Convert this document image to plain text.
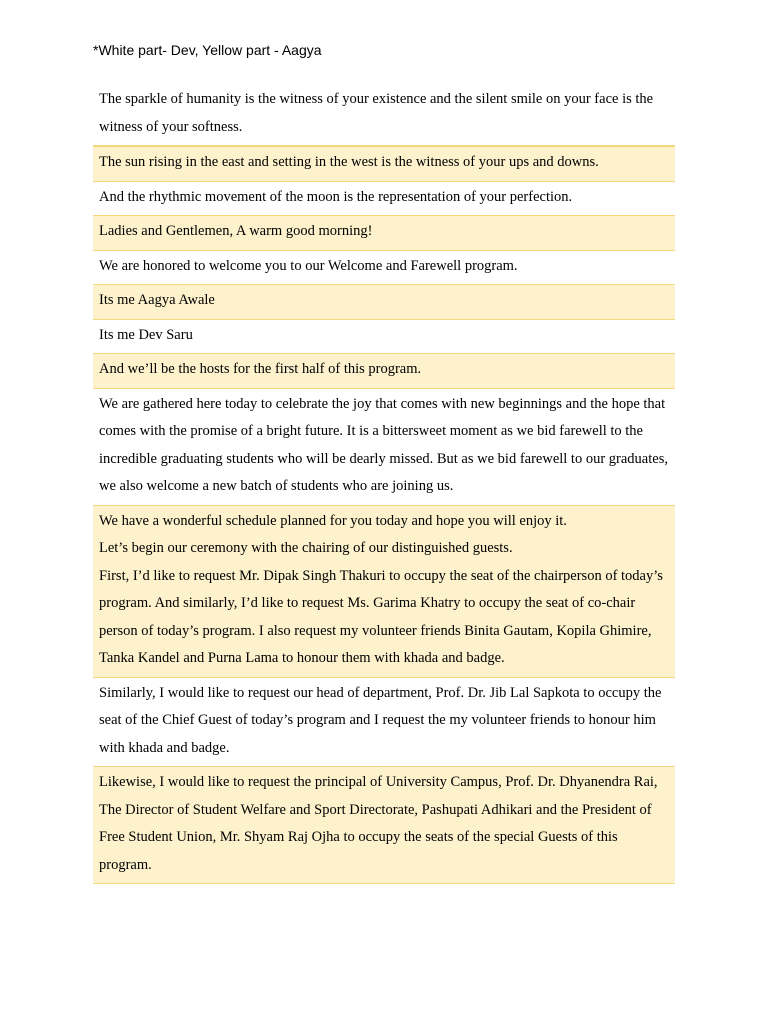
*White part- Dev, Yellow part - Aagya

The sparkle of humanity is the witness of your existence and the silent smile on your face is the witness of your softness.

The sun rising in the east and setting in the west is the witness of your ups and downs.

And the rhythmic movement of the moon is the representation of your perfection.

Ladies and Gentlemen, A warm good morning!

We are honored to welcome you to our Welcome and Farewell program.

Its me Aagya Awale

Its me Dev Saru

And we’ll be the hosts for the first half of this program.

We are gathered here today to celebrate the joy that comes with new beginnings and the hope that comes with the promise of a bright future. It is a bittersweet moment as we bid farewell to the incredible graduating students who will be dearly missed. But as we bid farewell to our graduates, we also welcome a new batch of students who are joining us.

We have a wonderful schedule planned for you today and hope you will enjoy it.

Let’s begin our ceremony with the chairing of our distinguished guests.

First, I’d like to request Mr. Dipak Singh Thakuri to occupy the seat of the chairperson of today’s program. And similarly, I’d like to request Ms. Garima Khatry to occupy the seat of co-chair person of today’s program. I also request my volunteer friends Binita Gautam, Kopila Ghimire, Tanka Kandel and Purna Lama to honour them with khada and badge.

Similarly, I would like to request our head of department, Prof. Dr. Jib Lal Sapkota to occupy the seat of the Chief Guest of today’s program and I request the my volunteer friends to honour him with khada and badge.

Likewise, I would like to request the principal of University Campus, Prof. Dr. Dhyanendra Rai, The Director of Student Welfare and Sport Directorate, Pashupati Adhikari and the President of Free Student Union, Mr. Shyam Raj Ojha to occupy the seats of the special Guests of this program.
